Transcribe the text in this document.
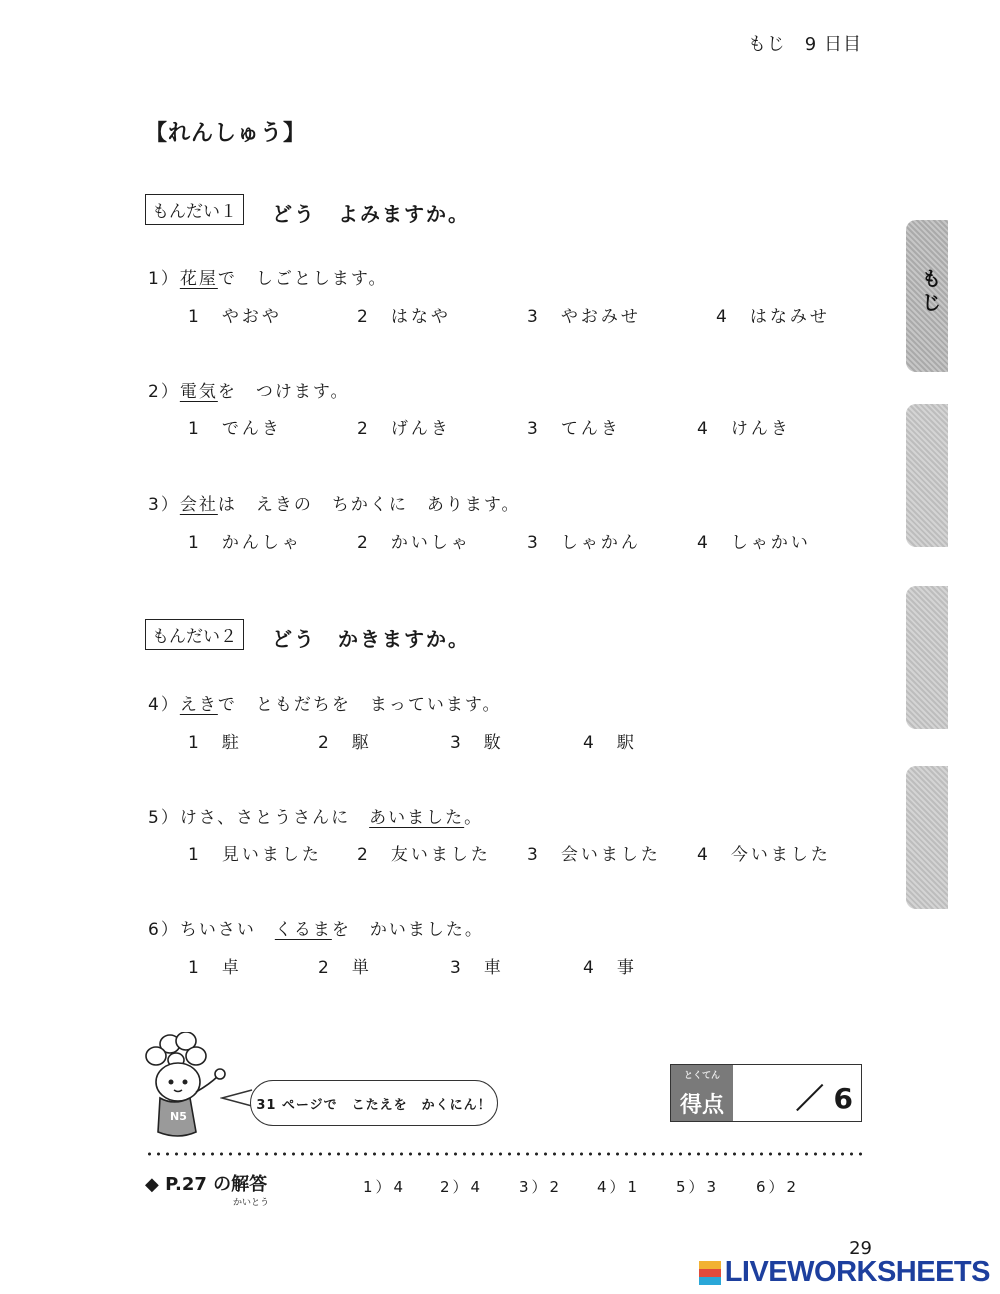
もじ　9 日目
【れんしゅう】
もんだい１	どう　よみますか。
1）花屋で　しごとします。
1　やおや	2　はなや	3　やおみせ	4　はなみせ
2）電気を　つけます。
1　でんき	2　げんき	3　てんき	4　けんき
3）会社は　えきの　ちかくに　あります。
1　かんしゃ	2　かいしゃ	3　しゃかん	4　しゃかい
もんだい２	どう　かきますか。
4）えきで　ともだちを　まっています。
1　駐	2　駆	3　駇	4　駅
5）けさ、さとうさんに　あいました。
1　見いました 2　友いました 3　会いました 4　今いました
6）ちいさい　くるまを　かいました。
1　卓	2　単	3　車	4　事
もじ
N5
31 ページで　こたえを　かくにん！
とくてん
得点	／ 6
◆ P.27 の解答
かいとう
1）4 2）4 3）2 4）1 5）3 6）2
29
LIVEWORKSHEETS
